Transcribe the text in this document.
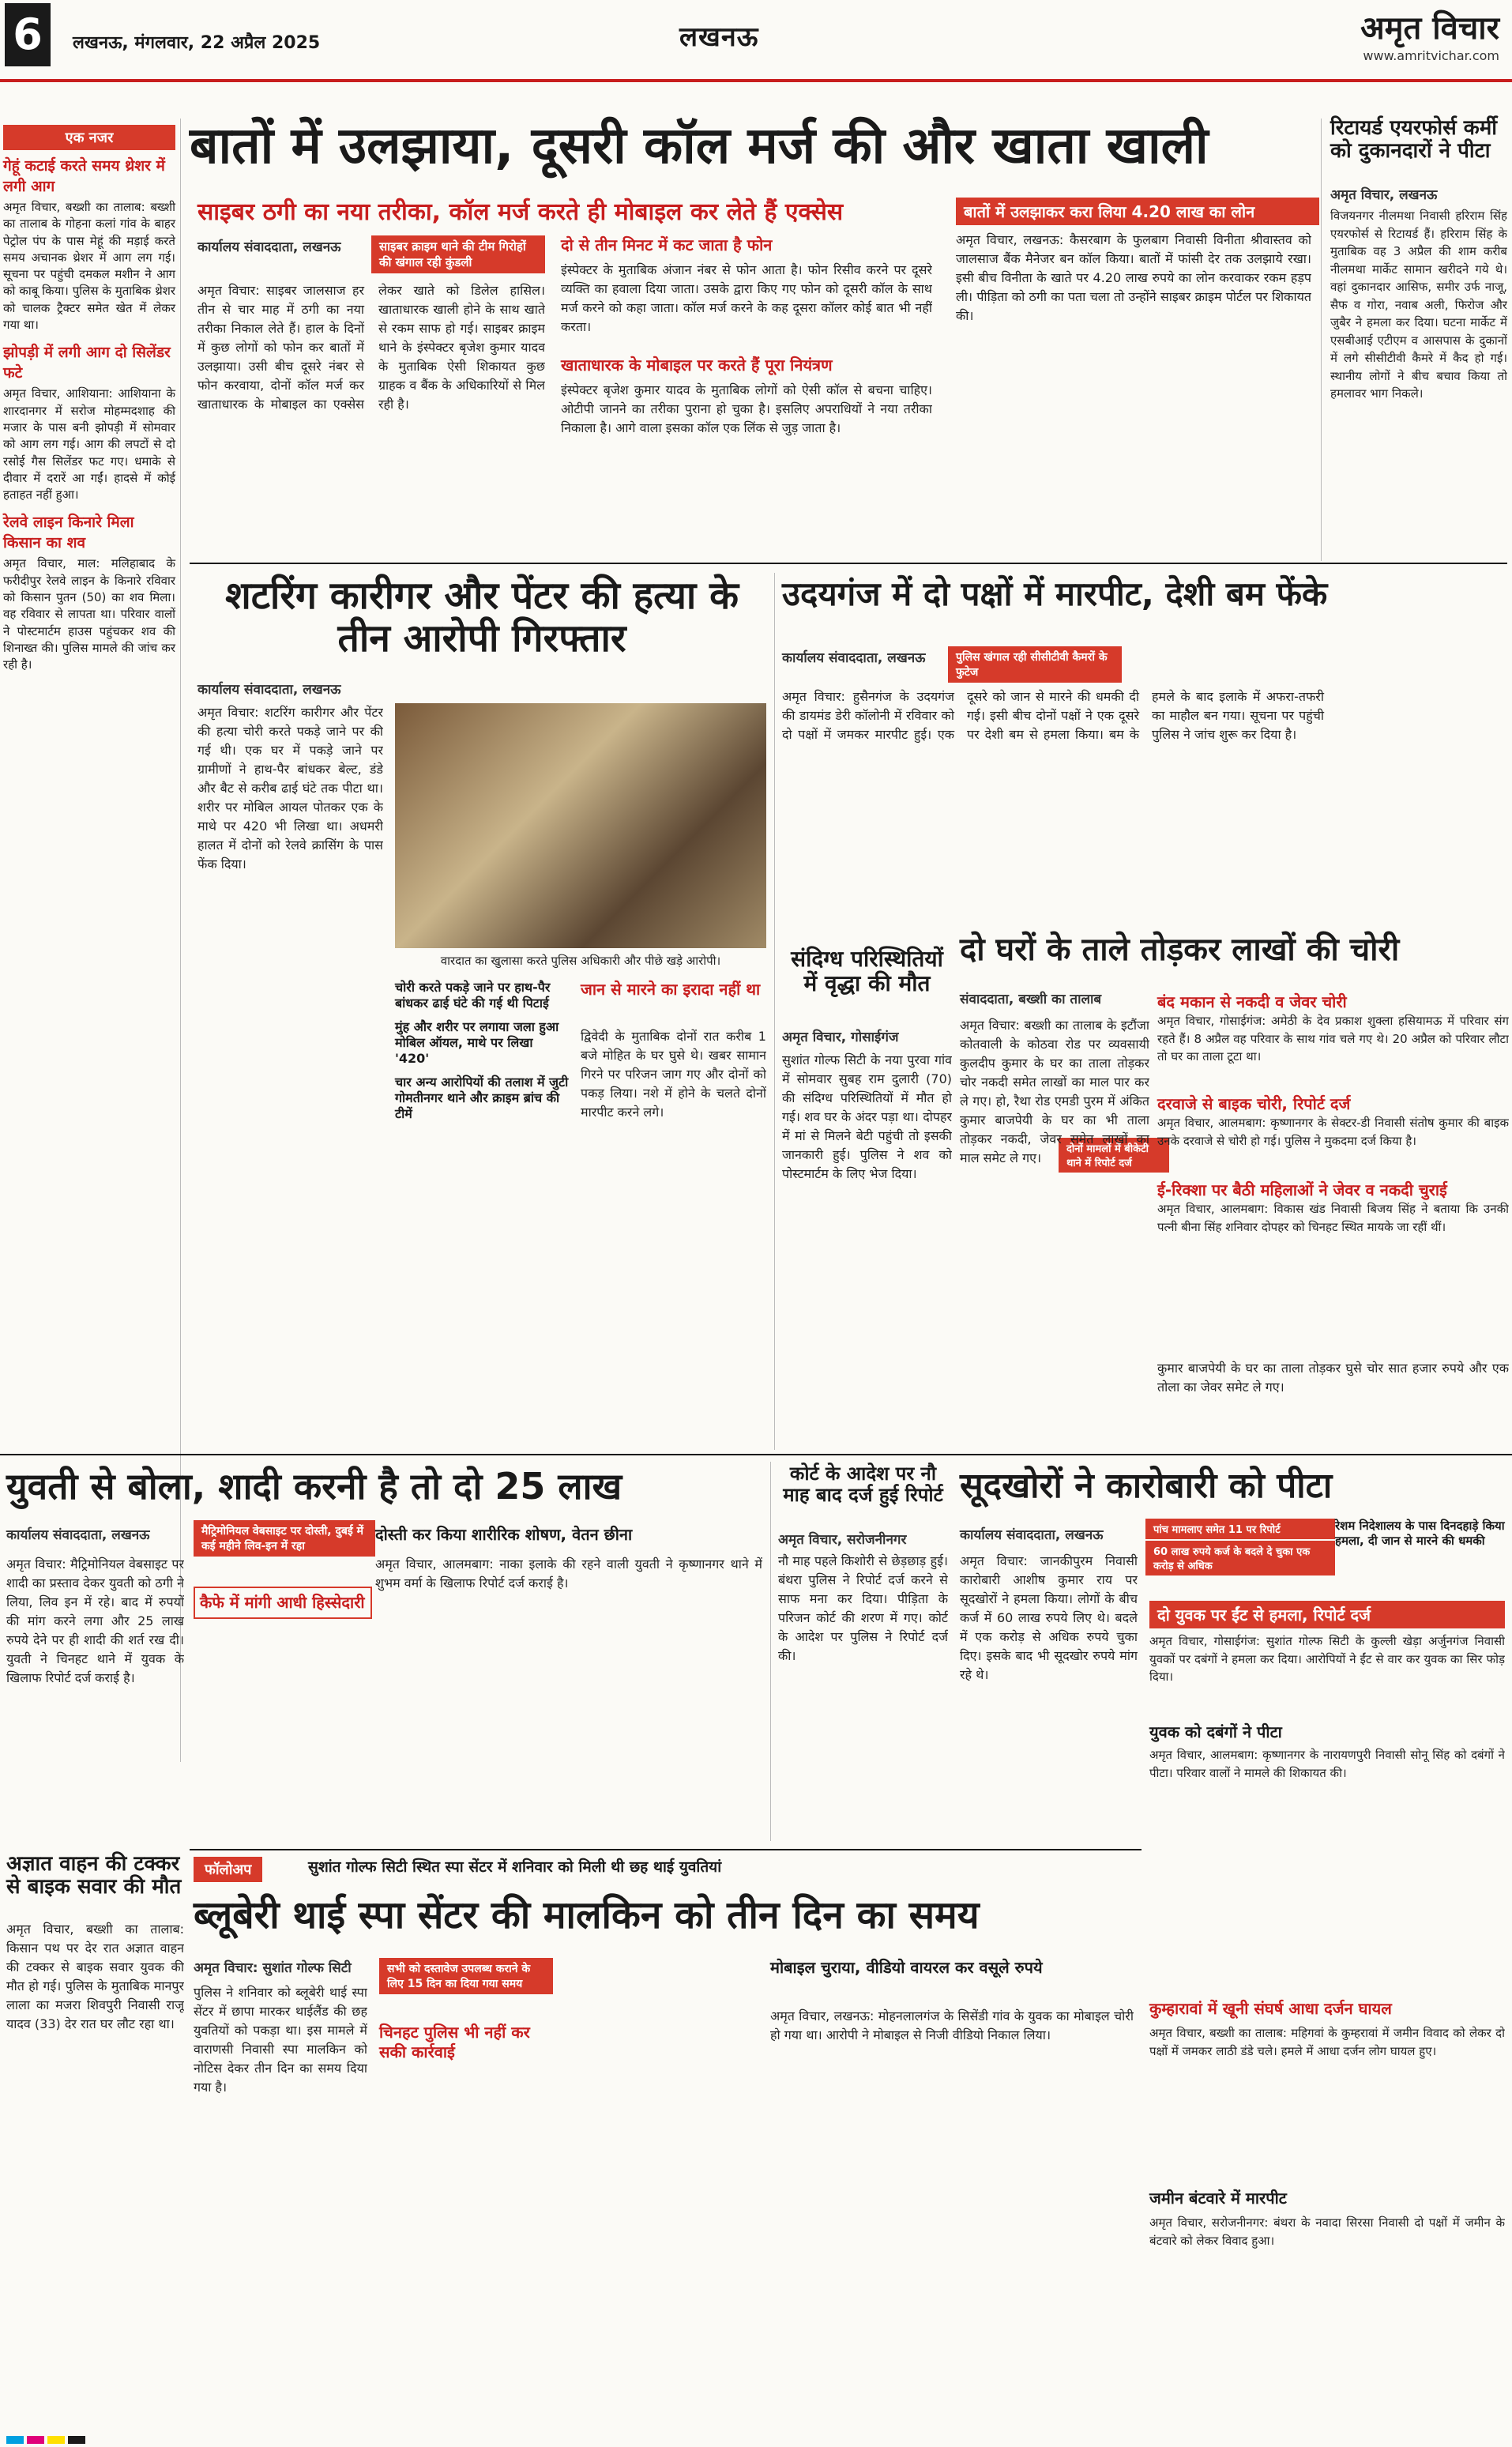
6	लखनऊ, मंगलवार, 22 अप्रैल 2025	लखनऊ	अमृत विचार
www.amritvichar.com
एक नजर
गेहूं कटाई करते समय थ्रेशर में लगी आग

अमृत विचार, बख्शी का तालाब: बख्शी का तालाब के गोहना कलां गांव के बाहर पेट्रोल पंप के पास मेहूं की मड़ाई करते समय अचानक थ्रेशर में आग लग गई। सूचना पर पहुंची दमकल मशीन ने आग को काबू किया। पुलिस के मुताबिक थ्रेशर को चालक ट्रैक्टर समेत खेत में लेकर गया था।

झोपड़ी में लगी आग दो सिलेंडर फटे

अमृत विचार, आशियाना: आशियाना के शारदानगर में सरोज मोहम्मदशाह की मजार के पास बनी झोपड़ी में सोमवार को आग लग गई। आग की लपटों से दो रसोई गैस सिलेंडर फट गए। धमाके से दीवार में दरारें आ गईं। हादसे में कोई हताहत नहीं हुआ।

रेलवे लाइन किनारे मिला किसान का शव

अमृत विचार, माल: मलिहाबाद के फरीदीपुर रेलवे लाइन के किनारे रविवार को किसान पुतन (50) का शव मिला। वह रविवार से लापता था। परिवार वालों ने पोस्टमार्टम हाउस पहुंचकर शव की शिनाख्त की। पुलिस मामले की जांच कर रही है।

बातों में उलझाया, दूसरी कॉल मर्ज की और खाता खाली
साइबर ठगी का नया तरीका, कॉल मर्ज करते ही मोबाइल कर लेते हैं एक्सेस
कार्यालय संवाददाता, लखनऊ	साइबर क्राइम थाने की टीम गिरोहों की खंगाल रही कुंडली
अमृत विचार: साइबर जालसाज हर तीन से चार माह में ठगी का नया तरीका निकाल लेते हैं। हाल के दिनों में कुछ लोगों को फोन कर बातों में उलझाया। उसी बीच दूसरे नंबर से फोन करवाया, दोनों कॉल मर्ज कर खाताधारक के मोबाइल का एक्सेस लेकर खाते को डिलेल हासिल। खाताधारक खाली होने के साथ खाते से रकम साफ हो गई। साइबर क्राइम थाने के इंस्पेक्टर बृजेश कुमार यादव के मुताबिक ऐसी शिकायत कुछ ग्राहक व बैंक के अधिकारियों से मिल रही है।
दो से तीन मिनट में कट जाता है फोन
इंस्पेक्टर के मुताबिक अंजान नंबर से फोन आता है। फोन रिसीव करने पर दूसरे व्यक्ति का हवाला दिया जाता। उसके द्वारा किए गए फोन को दूसरी कॉल के साथ मर्ज करने को कहा जाता। कॉल मर्ज करने के कह दूसरा कॉलर कोई बात भी नहीं करता।
खाताधारक के मोबाइल पर करते हैं पूरा नियंत्रण
इंस्पेक्टर बृजेश कुमार यादव के मुताबिक लोगों को ऐसी कॉल से बचना चाहिए। ओटीपी जानने का तरीका पुराना हो चुका है। इसलिए अपराधियों ने नया तरीका निकाला है। आगे वाला इसका कॉल एक लिंक से जुड़ जाता है।
बातों में उलझाकर करा लिया 4.20 लाख का लोन
अमृत विचार, लखनऊ: कैसरबाग के फुलबाग निवासी विनीता श्रीवास्तव को जालसाज बैंक मैनेजर बन कॉल किया। बातों में फांसी देर तक उलझाये रखा। इसी बीच विनीता के खाते पर 4.20 लाख रुपये का लोन करवाकर रकम हड़प ली। पीड़िता को ठगी का पता चला तो उन्होंने साइबर क्राइम पोर्टल पर शिकायत की।
रिटायर्ड एयरफोर्स कर्मी को दुकानदारों ने पीटा
अमृत विचार, लखनऊ
विजयनगर नीलमथा निवासी हरिराम सिंह एयरफोर्स से रिटायर्ड हैं। हरिराम सिंह के मुताबिक वह 3 अप्रैल की शाम करीब नीलमथा मार्केट सामान खरीदने गये थे। वहां दुकानदार आसिफ, समीर उर्फ नाजू, सैफ व गोरा, नवाब अली, फिरोज और जुबैर ने हमला कर दिया। घटना मार्केट में एसबीआई एटीएम व आसपास के दुकानों में लगे सीसीटीवी कैमरे में कैद हो गई। स्थानीय लोगों ने बीच बचाव किया तो हमलावर भाग निकले।
शटरिंग कारीगर और पेंटर की हत्या के तीन आरोपी गिरफ्तार
कार्यालय संवाददाता, लखनऊ
अमृत विचार: शटरिंग कारीगर और पेंटर की हत्या चोरी करते पकड़े जाने पर की गई थी। एक घर में पकड़े जाने पर ग्रामीणों ने हाथ-पैर बांधकर बेल्ट, डंडे और बैट से करीब ढाई घंटे तक पीटा था। शरीर पर मोबिल आयल पोतकर एक के माथे पर 420 भी लिखा था। अधमरी हालत में दोनों को रेलवे क्रासिंग के पास फेंक दिया।
वारदात का खुलासा करते पुलिस अधिकारी और पीछे खड़े आरोपी।
चोरी करते पकड़े जाने पर हाथ-पैर बांधकर ढाई घंटे की गई थी पिटाई
मुंह और शरीर पर लगाया जला हुआ मोबिल ऑयल, माथे पर लिखा '420'
चार अन्य आरोपियों की तलाश में जुटी गोमतीनगर थाने और क्राइम ब्रांच की टीमें
जान से मारने का इरादा नहीं था
द्विवेदी के मुताबिक दोनों रात करीब 1 बजे मोहित के घर घुसे थे। खबर सामान गिरने पर परिजन जाग गए और दोनों को पकड़ लिया। नशे में होने के चलते दोनों मारपीट करने लगे।
उदयगंज में दो पक्षों में मारपीट, देशी बम फेंके
कार्यालय संवाददाता, लखनऊ	पुलिस खंगाल रही सीसीटीवी कैमरों के फुटेज
अमृत विचार: हुसैनगंज के उदयगंज की डायमंड डेरी कॉलोनी में रविवार को दो पक्षों में जमकर मारपीट हुई। एक दूसरे को जान से मारने की धमकी दी गई। इसी बीच दोनों पक्षों ने एक दूसरे पर देशी बम से हमला किया। बम के हमले के बाद इलाके में अफरा-तफरी का माहौल बन गया। सूचना पर पहुंची पुलिस ने जांच शुरू कर दिया है।
संदिग्ध परिस्थितियों में वृद्धा की मौत
अमृत विचार, गोसाईगंज
सुशांत गोल्फ सिटी के नया पुरवा गांव में सोमवार सुबह राम दुलारी (70) की संदिग्ध परिस्थितियों में मौत हो गई। शव घर के अंदर पड़ा था। दोपहर में मां से मिलने बेटी पहुंची तो इसकी जानकारी हुई। पुलिस ने शव को पोस्टमार्टम के लिए भेज दिया।
दो घरों के ताले तोड़कर लाखों की चोरी
संवाददाता, बख्शी का तालाब
दोनों मामलों में बीकेटी थाने में रिपोर्ट दर्ज
अमृत विचार: बख्शी का तालाब के इटौंजा कोतवाली के कोठवा रोड पर व्यवसायी कुलदीप कुमार के घर का ताला तोड़कर चोर नकदी समेत लाखों का माल पार कर ले गए। हो, रैथा रोड एमडी पुरम में अंकित कुमार बाजपेयी के घर का भी ताला तोड़कर नकदी, जेवर समेत लाखों का माल समेट ले गए।
बंद मकान से नकदी व जेवर चोरी
अमृत विचार, गोसाईगंज: अमेठी के देव प्रकाश शुक्ला हसियामऊ में परिवार संग रहते हैं। 8 अप्रैल वह परिवार के साथ गांव चले गए थे। 20 अप्रैल को परिवार लौटा तो घर का ताला टूटा था।
दरवाजे से बाइक चोरी, रिपोर्ट दर्ज
अमृत विचार, आलमबाग: कृष्णानगर के सेक्टर-डी निवासी संतोष कुमार की बाइक उनके दरवाजे से चोरी हो गई। पुलिस ने मुकदमा दर्ज किया है।
ई-रिक्शा पर बैठी महिलाओं ने जेवर व नकदी चुराई
अमृत विचार, आलमबाग: विकास खंड निवासी बिजय सिंह ने बताया कि उनकी पत्नी बीना सिंह शनिवार दोपहर को चिनहट स्थित मायके जा रहीं थीं।
कुमार बाजपेयी के घर का ताला तोड़कर घुसे चोर सात हजार रुपये और एक तोला का जेवर समेट ले गए।
युवती से बोला, शादी करनी है तो दो 25 लाख
कार्यालय संवाददाता, लखनऊ	मैट्रिमोनियल वेबसाइट पर दोस्ती, दुबई में कई महीने लिव-इन में रहा
अमृत विचार: मैट्रिमोनियल वेबसाइट पर शादी का प्रस्ताव देकर युवती को ठगी ने लिया, लिव इन में रहे। बाद में रुपयों की मांग करने लगा और 25 लाख रुपये देने पर ही शादी की शर्त रख दी। युवती ने चिनहट थाने में युवक के खिलाफ रिपोर्ट दर्ज कराई है।
कैफे में मांगी आधी हिस्सेदारी
दोस्ती कर किया शारीरिक शोषण, वेतन छीना
अमृत विचार, आलमबाग: नाका इलाके की रहने वाली युवती ने कृष्णानगर थाने में शुभम वर्मा के खिलाफ रिपोर्ट दर्ज कराई है।
कोर्ट के आदेश पर नौ माह बाद दर्ज हुई रिपोर्ट
अमृत विचार, सरोजनीनगर
नौ माह पहले किशोरी से छेड़छाड़ हुई। बंथरा पुलिस ने रिपोर्ट दर्ज करने से साफ मना कर दिया। पीड़िता के परिजन कोर्ट की शरण में गए। कोर्ट के आदेश पर पुलिस ने रिपोर्ट दर्ज की।
सूदखोरों ने कारोबारी को पीटा
कार्यालय संवाददाता, लखनऊ	पांच मामलाए समेत 11 पर रिपोर्ट
60 लाख रुपये कर्ज के बदले दे चुका एक करोड़ से अधिक
रेशम निदेशालय के पास दिनदहाड़े किया हमला, दी जान से मारने की धमकी
अमृत विचार: जानकीपुरम निवासी कारोबारी आशीष कुमार राय पर सूदखोरों ने हमला किया। लोगों के बीच कर्ज में 60 लाख रुपये लिए थे। बदले में एक करोड़ से अधिक रुपये चुका दिए। इसके बाद भी सूदखोर रुपये मांग रहे थे।
दो युवक पर ईंट से हमला, रिपोर्ट दर्ज
अमृत विचार, गोसाईगंज: सुशांत गोल्फ सिटी के कुल्ली खेड़ा अर्जुनगंज निवासी युवकों पर दबंगों ने हमला कर दिया। आरोपियों ने ईंट से वार कर युवक का सिर फोड़ दिया।
युवक को दबंगों ने पीटा
अमृत विचार, आलमबाग: कृष्णानगर के नारायणपुरी निवासी सोनू सिंह को दबंगों ने पीटा। परिवार वालों ने मामले की शिकायत की।
कुम्हारावां में खूनी संघर्ष आधा दर्जन घायल
अमृत विचार, बख्शी का तालाब: महिगवां के कुम्हरावां में जमीन विवाद को लेकर दो पक्षों में जमकर लाठी डंडे चले। हमले में आधा दर्जन लोग घायल हुए।
जमीन बंटवारे में मारपीट
अमृत विचार, सरोजनीनगर: बंथरा के नवादा सिरसा निवासी दो पक्षों में जमीन के बंटवारे को लेकर विवाद हुआ।
अज्ञात वाहन की टक्कर से बाइक सवार की मौत
अमृत विचार, बख्शी का तालाब: किसान पथ पर देर रात अज्ञात वाहन की टक्कर से बाइक सवार युवक की मौत हो गई। पुलिस के मुताबिक मानपुर लाला का मजरा शिवपुरी निवासी राजू यादव (33) देर रात घर लौट रहा था।
फॉलोअप	सुशांत गोल्फ सिटी स्थित स्पा सेंटर में शनिवार को मिली थी छह थाई युवतियां
ब्लूबेरी थाई स्पा सेंटर की मालकिन को तीन दिन का समय
अमृत विचार: सुशांत गोल्फ सिटी
पुलिस ने शनिवार को ब्लूबेरी थाई स्पा सेंटर में छापा मारकर थाईलैंड की छह युवतियों को पकड़ा था। इस मामले में वाराणसी निवासी स्पा मालकिन को नोटिस देकर तीन दिन का समय दिया गया है।
सभी को दस्तावेज उपलब्ध कराने के लिए 15 दिन का दिया गया समय
चिनहट पुलिस भी नहीं कर सकी कार्रवाई
मोबाइल चुराया, वीडियो वायरल कर वसूले रुपये
अमृत विचार, लखनऊ: मोहनलालगंज के सिसेंडी गांव के युवक का मोबाइल चोरी हो गया था। आरोपी ने मोबाइल से निजी वीडियो निकाल लिया।
